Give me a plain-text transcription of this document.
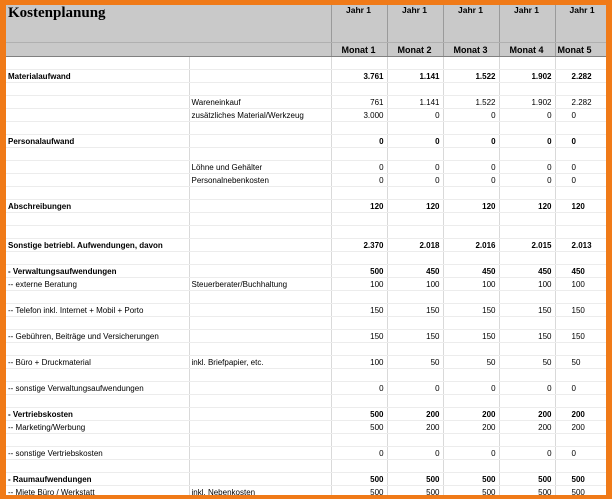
Kostenplanung		Jahr 1	Jahr 1	Jahr 1	Jahr 1	Jahr 1
		Monat 1	Monat 2	Monat 3	Monat 4	Monat 5

Materialaufwand		3.761	1.141	1.522	1.902	2.282

	Wareneinkauf	761	1.141	1.522	1.902	2.282
	zusätzliches Material/Werkzeug	3.000	0	0	0	0

Personalaufwand		0	0	0	0	0

	Löhne und Gehälter	0	0	0	0	0
	Personalnebenkosten	0	0	0	0	0

Abschreibungen		120	120	120	120	120

Sonstige betriebl. Aufwendungen, davon		2.370	2.018	2.016	2.015	2.013

- Verwaltungsaufwendungen		500	450	450	450	450
-- externe Beratung	Steuerberater/Buchhaltung	100	100	100	100	100

-- Telefon inkl. Internet + Mobil + Porto		150	150	150	150	150

-- Gebühren, Beiträge und Versicherungen		150	150	150	150	150

-- Büro + Druckmaterial	inkl. Briefpapier, etc.	100	50	50	50	50

-- sonstige Verwaltungsaufwendungen		0	0	0	0	0

- Vertriebskosten		500	200	200	200	200
-- Marketing/Werbung		500	200	200	200	200

-- sonstige Vertriebskosten		0	0	0	0	0

- Raumaufwendungen		500	500	500	500	500
-- Miete Büro / Werkstatt	inkl. Nebenkosten	500	500	500	500	500
